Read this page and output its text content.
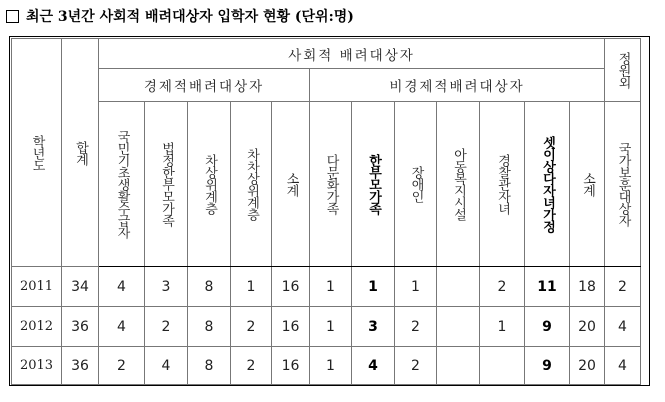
최근 3년간 사회적 배려대상자 입학자 현황 (단위:명)
학년도	합계	사회적 배려대상자												정원외

		경제적배려대상자					비경제적배려대상자							

		국민기초생활수급자	법정한부모가족	차상위계층	차차상위계층	소계	다문화가족	한부모가족	장애인	아동복지시설	경찰관자녀	셋이상다자녀가정	소계	국가보훈대상자

2011	34	4	3	8	1	16	1	1	1		2	11	18	2
2012	36	4	2	8	2	16	1	3	2		1	9	20	4
2013	36	2	4	8	2	16	1	4	2			9	20	4
